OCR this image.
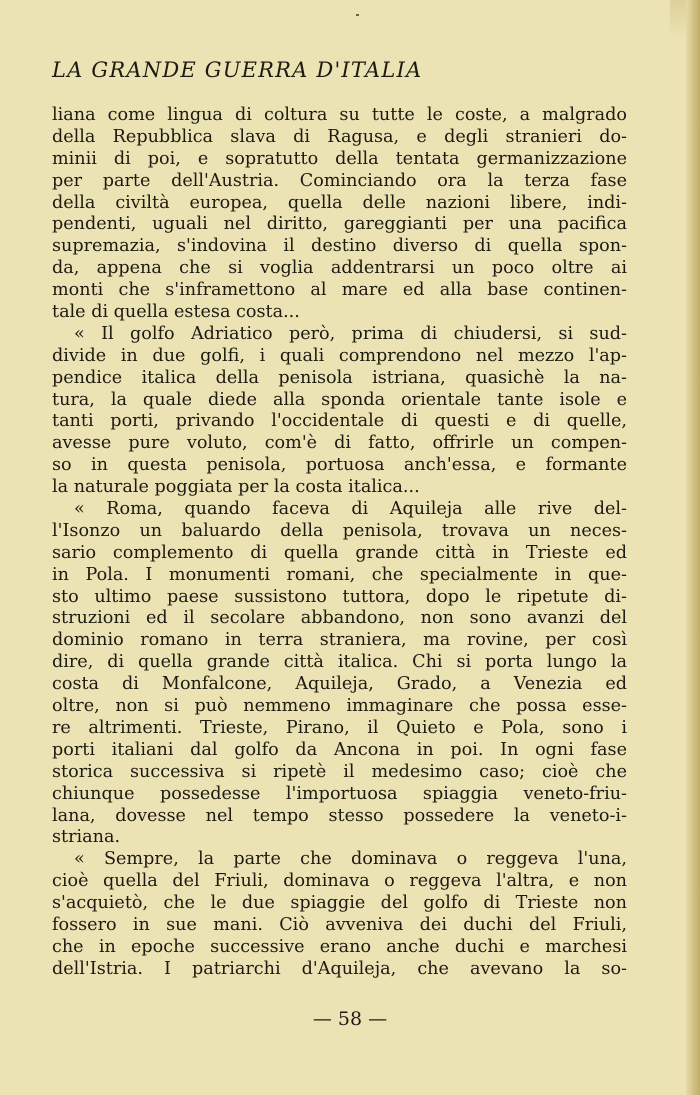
LA GRANDE GUERRA D'ITALIA
liana come lingua di coltura su tutte le coste, a malgrado
della Repubblica slava di Ragusa, e degli stranieri do-
minii di poi, e sopratutto della tentata germanizzazione
per parte dell'Austria. Cominciando ora la terza fase
della civiltà europea, quella delle nazioni libere, indi-
pendenti, uguali nel diritto, gareggianti per una pacifica
supremazia, s'indovina il destino diverso di quella spon-
da, appena che si voglia addentrarsi un poco oltre ai
monti che s'inframettono al mare ed alla base continen-
tale di quella estesa costa...
« Il golfo Adriatico però, prima di chiudersi, si sud-
divide in due golfi, i quali comprendono nel mezzo l'ap-
pendice italica della penisola istriana, quasichè la na-
tura, la quale diede alla sponda orientale tante isole e
tanti porti, privando l'occidentale di questi e di quelle,
avesse pure voluto, com'è di fatto, offrirle un compen-
so in questa penisola, portuosa anch'essa, e formante
la naturale poggiata per la costa italica...
« Roma, quando faceva di Aquileja alle rive del-
l'Isonzo un baluardo della penisola, trovava un neces-
sario complemento di quella grande città in Trieste ed
in Pola. I monumenti romani, che specialmente in que-
sto ultimo paese sussistono tuttora, dopo le ripetute di-
struzioni ed il secolare abbandono, non sono avanzi del
dominio romano in terra straniera, ma rovine, per così
dire, di quella grande città italica. Chi si porta lungo la
costa di Monfalcone, Aquileja, Grado, a Venezia ed
oltre, non si può nemmeno immaginare che possa esse-
re altrimenti. Trieste, Pirano, il Quieto e Pola, sono i
porti italiani dal golfo da Ancona in poi. In ogni fase
storica successiva si ripetè il medesimo caso; cioè che
chiunque possedesse l'importuosa spiaggia veneto-friu-
lana, dovesse nel tempo stesso possedere la veneto-i-
striana.
« Sempre, la parte che dominava o reggeva l'una,
cioè quella del Friuli, dominava o reggeva l'altra, e non
s'acquietò, che le due spiaggie del golfo di Trieste non
fossero in sue mani. Ciò avveniva dei duchi del Friuli,
che in epoche successive erano anche duchi e marchesi
dell'Istria. I patriarchi d'Aquileja, che avevano la so-
— 58 —
